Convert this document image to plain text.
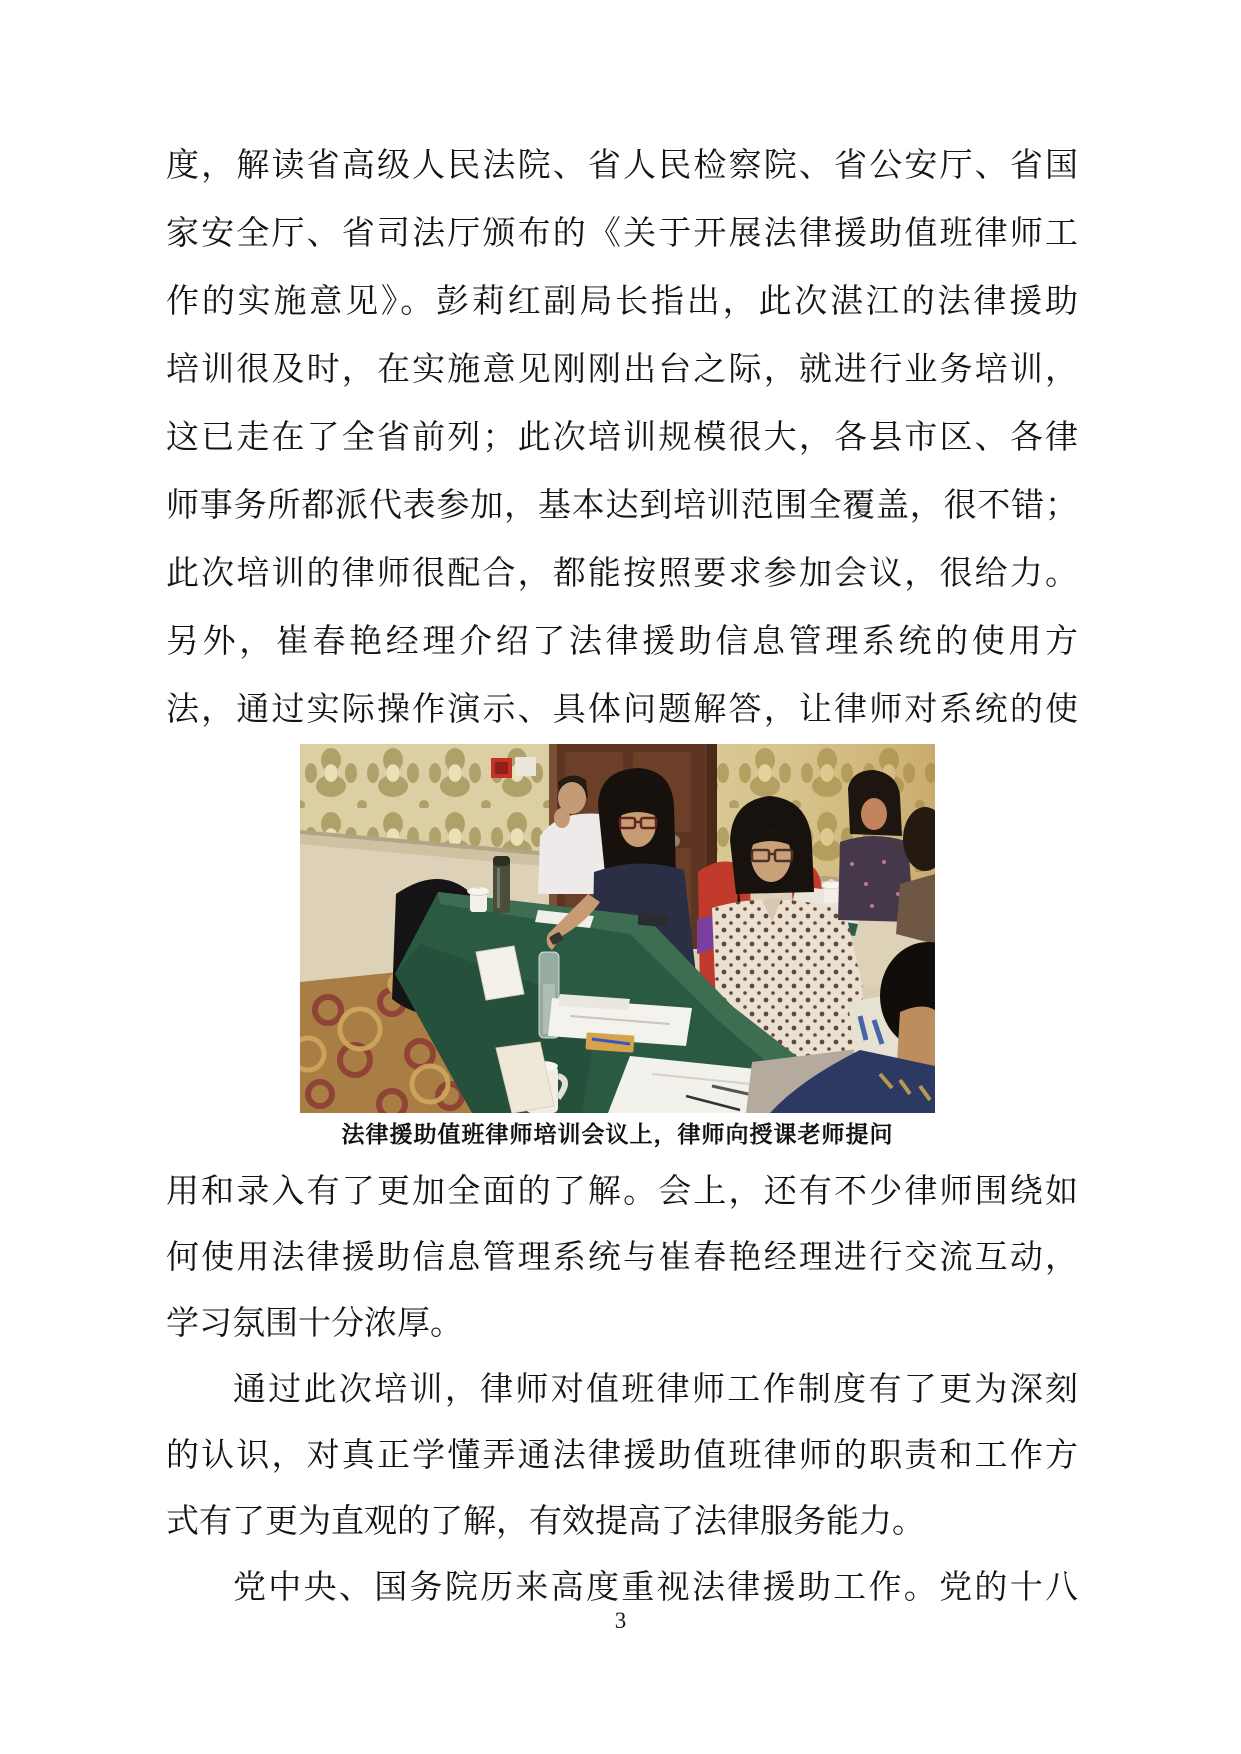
度，解读省高级人民法院、省人民检察院、省公安厅、省国
家安全厅、省司法厅颁布的《关于开展法律援助值班律师工
作的实施意见》。彭莉红副局长指出，此次湛江的法律援助
培训很及时，在实施意见刚刚出台之际，就进行业务培训，
这已走在了全省前列；此次培训规模很大，各县市区、各律
师事务所都派代表参加，基本达到培训范围全覆盖，很不错；
此次培训的律师很配合，都能按照要求参加会议，很给力。
另外，崔春艳经理介绍了法律援助信息管理系统的使用方
法，通过实际操作演示、具体问题解答，让律师对系统的使
法律援助值班律师培训会议上，律师向授课老师提问
用和录入有了更加全面的了解。会上，还有不少律师围绕如
何使用法律援助信息管理系统与崔春艳经理进行交流互动，
学习氛围十分浓厚。
通过此次培训，律师对值班律师工作制度有了更为深刻
的认识，对真正学懂弄通法律援助值班律师的职责和工作方
式有了更为直观的了解，有效提高了法律服务能力。
党中央、国务院历来高度重视法律援助工作。党的十八
3
